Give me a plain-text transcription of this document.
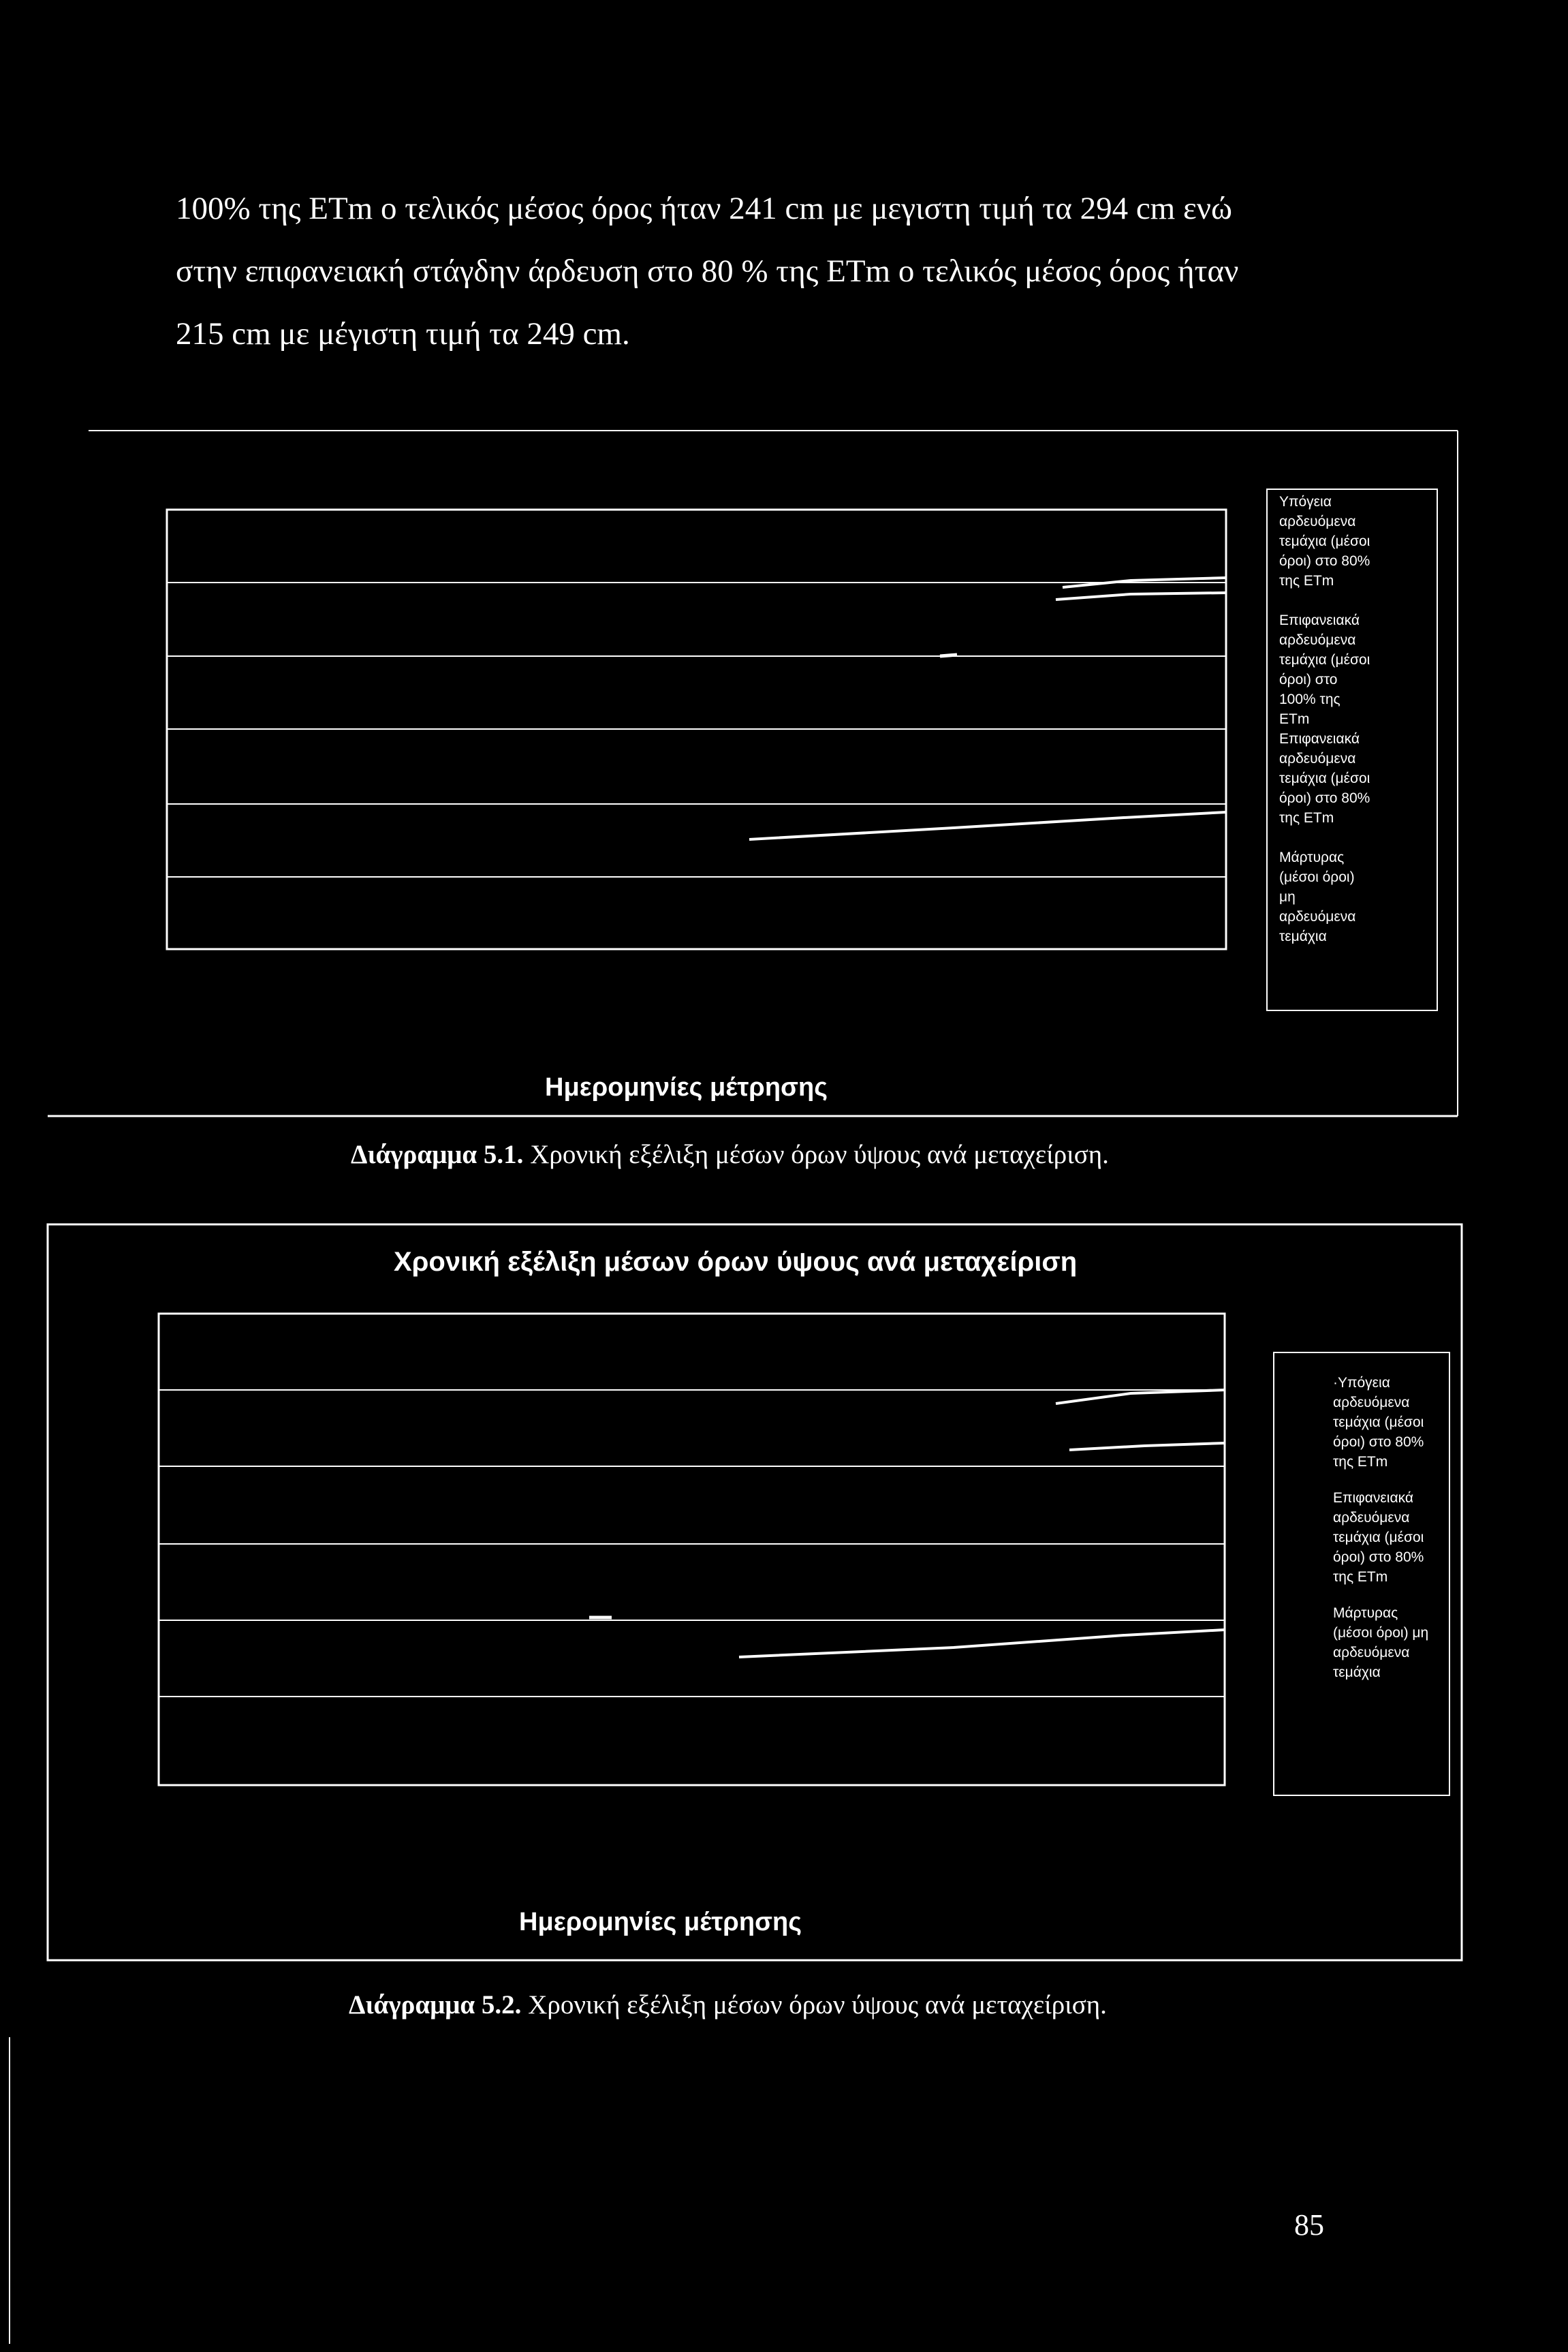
100% της ETm ο τελικός μέσος όρος ήταν 241 cm με μεγιστη τιμή τα 294 cm ενώ

στην επιφανειακή στάγδην άρδευση στο 80 % της ETm ο τελικός μέσος όρος ήταν

215 cm με μέγιστη τιμή τα 249 cm.

Υπόγεια
αρδευόμενα
τεμάχια (μέσοι
όροι) στο 80%
της ETm
Επιφανειακά
αρδευόμενα
τεμάχια (μέσοι
όροι) στο
100% της
ETm
Επιφανειακά
αρδευόμενα
τεμάχια (μέσοι
όροι) στο 80%
της ETm
Μάρτυρας
(μέσοι όροι)
μη
αρδευόμενα
τεμάχια
Ημερομηνίες μέτρησης
Διάγραμμα 5.1. Χρονική εξέλιξη μέσων όρων ύψους ανά μεταχείριση.
Χρονική εξέλιξη μέσων όρων ύψους ανά μεταχείριση
·Υπόγεια
αρδευόμενα
τεμάχια (μέσοι
όροι) στο 80%
της ETm
Επιφανειακά
αρδευόμενα
τεμάχια (μέσοι
όροι) στο 80%
της ETm
Μάρτυρας
(μέσοι όροι) μη
αρδευόμενα
τεμάχια
Ημερομηνίες μέτρησης
Διάγραμμα 5.2. Χρονική εξέλιξη μέσων όρων ύψους ανά μεταχείριση.
85
